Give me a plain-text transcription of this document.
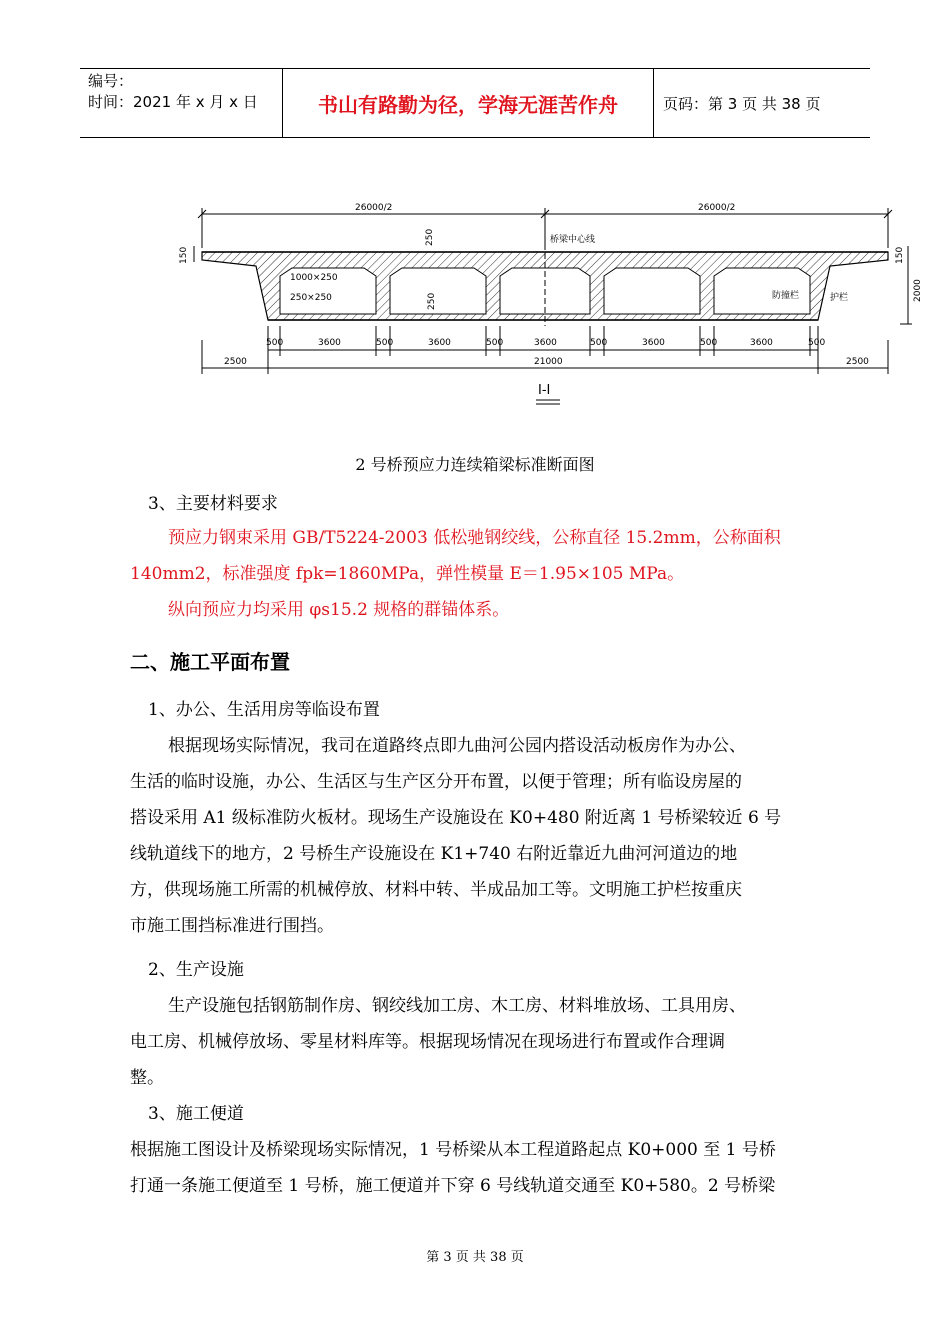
编号：
时间：2021 年 x 月 x 日	书山有路勤为径，学海无涯苦作舟	页码：第 3 页 共 38 页
26000/2	26000/2
250
250
150	150
2000
桥梁中心线
1000×250
250×250	防撞栏	护栏
500	3600	500	3600	500	3600	500	3600	500	3600	500
2500	21000	2500
I-I
2 号桥预应力连续箱梁标准断面图
3、主要材料要求
预应力钢束采用 GB/T5224-2003 低松驰钢绞线，公称直径 15.2mm，公称面积
140mm2，标准强度 fpk=1860MPa，弹性模量 E＝1.95×105 MPa。
纵向预应力均采用 φs15.2 规格的群锚体系。
二、施工平面布置
1、办公、生活用房等临设布置
根据现场实际情况，我司在道路终点即九曲河公园内搭设活动板房作为办公、
生活的临时设施，办公、生活区与生产区分开布置，以便于管理；所有临设房屋的
搭设采用 A1 级标准防火板材。现场生产设施设在 K0+480 附近离 1 号桥梁较近 6 号
线轨道线下的地方，2 号桥生产设施设在 K1+740 右附近靠近九曲河河道边的地
方，供现场施工所需的机械停放、材料中转、半成品加工等。文明施工护栏按重庆
市施工围挡标准进行围挡。
2、生产设施
生产设施包括钢筋制作房、钢绞线加工房、木工房、材料堆放场、工具用房、
电工房、机械停放场、零星材料库等。根据现场情况在现场进行布置或作合理调
整。
3、施工便道
根据施工图设计及桥梁现场实际情况，1 号桥梁从本工程道路起点 K0+000 至 1 号桥
打通一条施工便道至 1 号桥，施工便道并下穿 6 号线轨道交通至 K0+580。2 号桥梁
第 3 页 共 38 页
